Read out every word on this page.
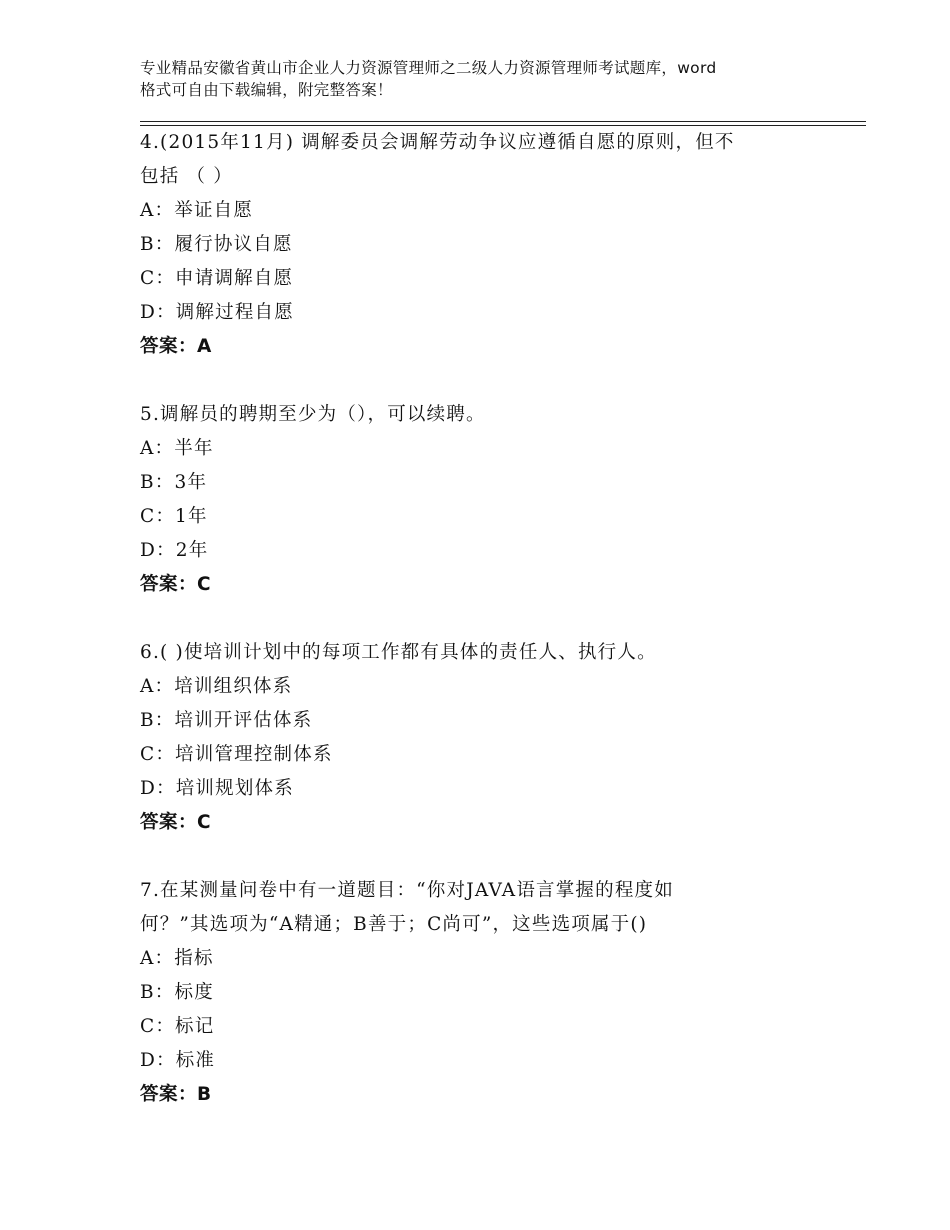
专业精品安徽省黄山市企业人力资源管理师之二级人力资源管理师考试题库，word
格式可自由下载编辑，附完整答案！
4.(2015年11月) 调解委员会调解劳动争议应遵循自愿的原则，但不
包括 （ ）
A：举证自愿
B：履行协议自愿
C：申请调解自愿
D：调解过程自愿
答案：A
5.调解员的聘期至少为（），可以续聘。
A：半年
B：3年
C：1年
D：2年
答案：C
6.( )使培训计划中的每项工作都有具体的责任人、执行人。
A：培训组织体系
B：培训开评估体系
C：培训管理控制体系
D：培训规划体系
答案：C
7.在某测量问卷中有一道题目：“你对JAVA语言掌握的程度如
何？”其选项为“A精通；B善于；C尚可”，这些选项属于()
A：指标
B：标度
C：标记
D：标准
答案：B
